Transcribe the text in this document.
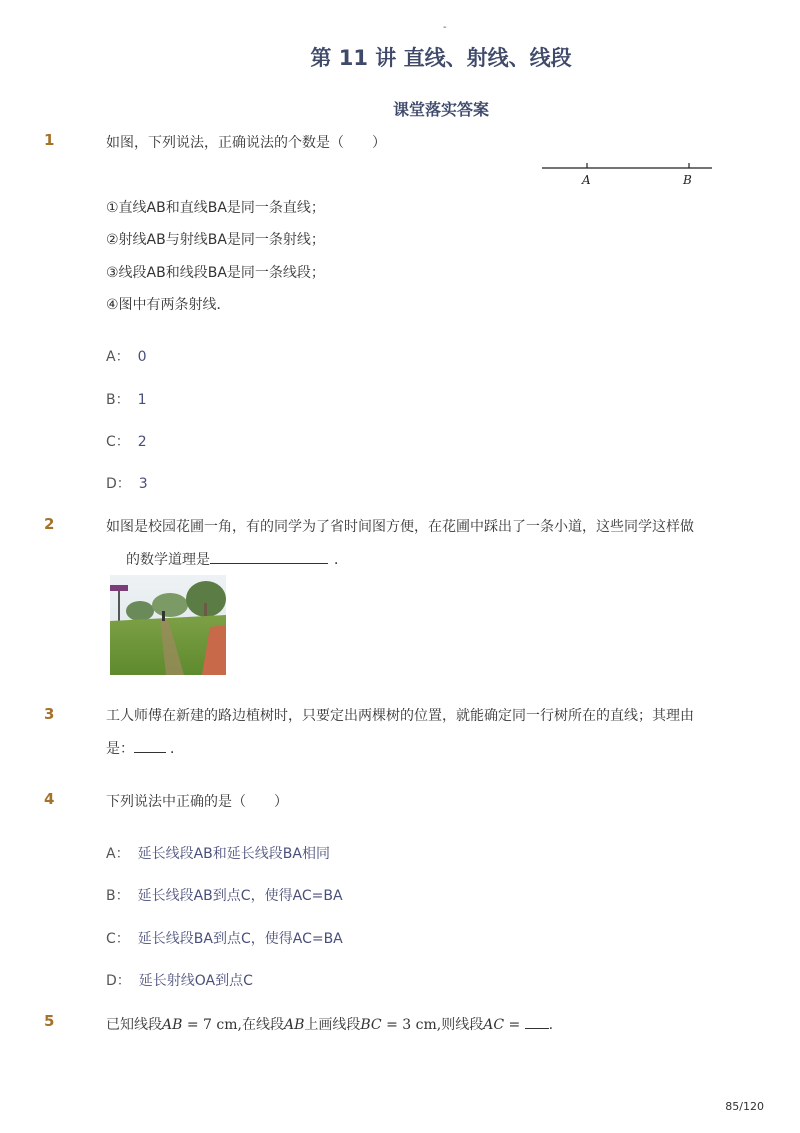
-
第 11 讲 直线、射线、线段
课堂落实答案
1	如图，下列说法，正确说法的个数是（　　）
A	B
①直线AB和直线BA是同一条直线；
②射线AB与射线BA是同一条射线；
③线段AB和线段BA是同一条线段；
④图中有两条射线．
A： 0
B： 1
C： 2
D： 3
2	如图是校园花圃一角，有的同学为了省时间图方便，在花圃中踩出了一条小道，这些同学这样做
的数学道理是	．
3	工人师傅在新建的路边植树时，只要定出两棵树的位置，就能确定同一行树所在的直线；其理由
是：	．
4	下列说法中正确的是（　　）
A： 延长线段AB和延长线段BA相同
B： 延长线段AB到点C，使得AC=BA
C： 延长线段BA到点C，使得AC=BA
D： 延长射线OA到点C
5	已知线段AB = 7 cm,在线段AB上画线段BC = 3 cm,则线段AC = .
85/120
